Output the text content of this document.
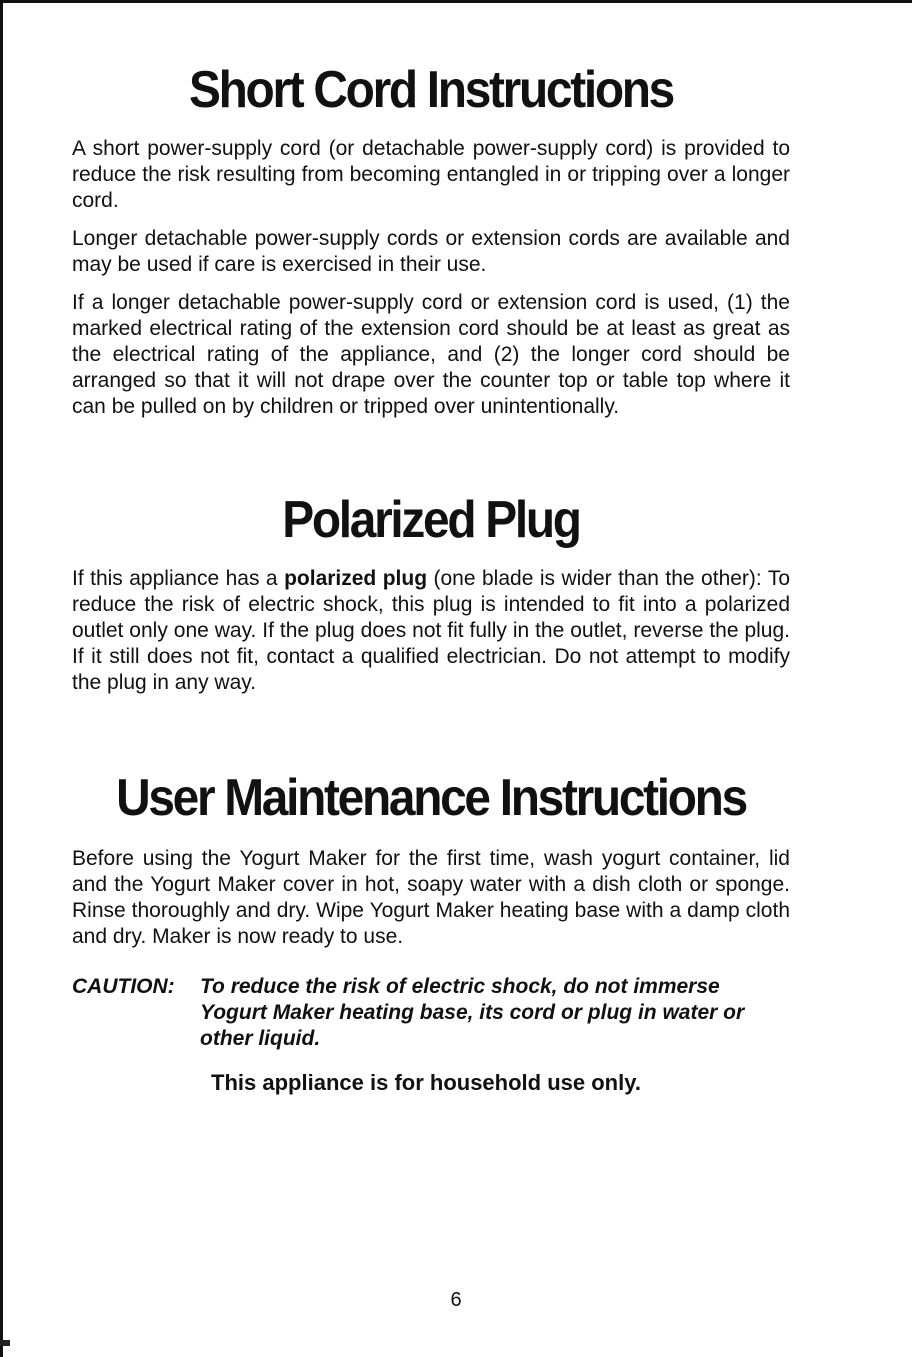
Short Cord Instructions

A short power-supply cord (or detachable power-supply cord) is provided to reduce the risk resulting from becoming entangled in or tripping over a longer cord.

Longer detachable power-supply cords or extension cords are available and may be used if care is exercised in their use.

If a longer detachable power-supply cord or extension cord is used, (1) the marked electrical rating of the extension cord should be at least as great as the electrical rating of the appliance, and (2) the longer cord should be arranged so that it will not drape over the counter top or table top where it can be pulled on by children or tripped over unintentionally.

Polarized Plug

If this appliance has a polarized plug (one blade is wider than the other): To reduce the risk of electric shock, this plug is intended to fit into a polarized outlet only one way. If the plug does not fit fully in the outlet, reverse the plug. If it still does not fit, contact a qualified electrician. Do not attempt to modify the plug in any way.

User Maintenance Instructions

Before using the Yogurt Maker for the first time, wash yogurt container, lid and the Yogurt Maker cover in hot, soapy water with a dish cloth or sponge. Rinse thoroughly and dry. Wipe Yogurt Maker heating base with a damp cloth and dry. Maker is now ready to use.

CAUTION:	To reduce the risk of electric shock, do not immerse Yogurt Maker heating base, its cord or plug in water or other liquid.
This appliance is for household use only.
6
